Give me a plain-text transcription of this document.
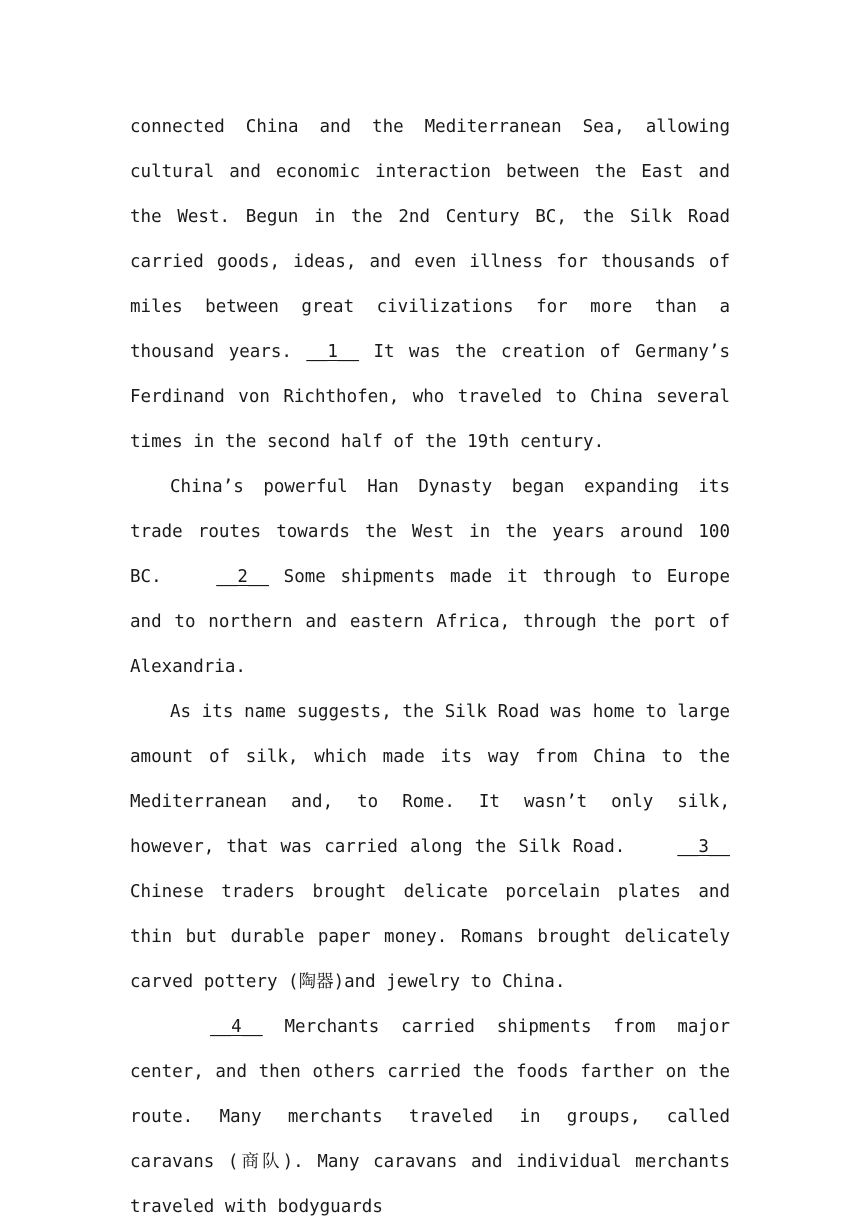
connected China and the Mediterranean Sea, allowing cultural and economic interaction between the East and the West. Begun in the 2nd Century BC, the Silk Road carried goods, ideas, and even illness for thousands of miles between great civilizations for more than a thousand years. __1__ It was the creation of Germany’s Ferdinand von Richthofen, who traveled to China several times in the second half of the 19th century.

China’s powerful Han Dynasty began expanding its trade routes towards the West in the years around 100 BC. __2__ Some shipments made it through to Europe and to northern and eastern Africa, through the port of Alexandria.

As its name suggests, the Silk Road was home to large amount of silk, which made its way from China to the Mediterranean and, to Rome. It wasn’t only silk, however, that was carried along the Silk Road. __3__ Chinese traders brought delicate porcelain plates and thin but durable paper money. Romans brought delicately carved pottery (陶器)and jewelry to China.

__4__ Merchants carried shipments from major center, and then others carried the foods farther on the route. Many merchants traveled in groups, called caravans (商队). Many caravans and individual merchants traveled with bodyguards
